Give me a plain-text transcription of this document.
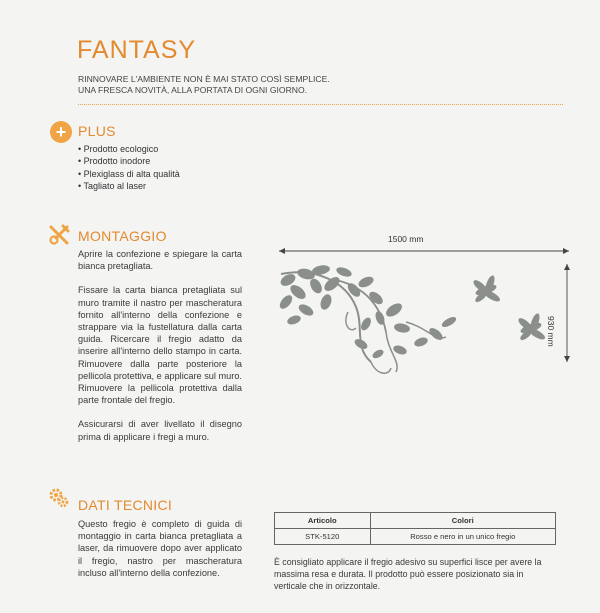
FANTASY
RINNOVARE L'AMBIENTE NON È MAI STATO COSÌ SEMPLICE.
UNA FRESCA NOVITÀ, ALLA PORTATA DI OGNI GIORNO.
+ PLUS
• Prodotto ecologico
• Prodotto inodore
• Plexiglass di alta qualità
• Tagliato al laser
MONTAGGIO

Aprire la confezione e spiegare la carta bianca pretagliata.

Fissare la carta bianca pretagliata sul muro tramite il nastro per mascheratura fornito all'interno della confezione e strappare via la fustellatura dalla carta guida. Ricercare il fregio adatto da inserire all'interno dello stampo in carta. Rimuovere dalla parte posteriore la pellicola protettiva, e applicare sul muro. Rimuovere la pellicola protettiva dalla parte frontale del fregio.

Assicurarsi di aver livellato il disegno prima di applicare i fregi a muro.

1500 mm
930 mm
DATI TECNICI
Questo fregio è completo di guida di montaggio in carta bianca pretagliata a laser, da rimuovere dopo aver applicato il fregio, nastro per mascheratura incluso all'interno della confezione.
Articolo	Colori
STK-5120	Rosso e nero in un unico fregio
È consigliato applicare il fregio adesivo su superfici lisce per avere la massima resa e durata. Il prodotto può essere posizionato sia in verticale che in orizzontale.
